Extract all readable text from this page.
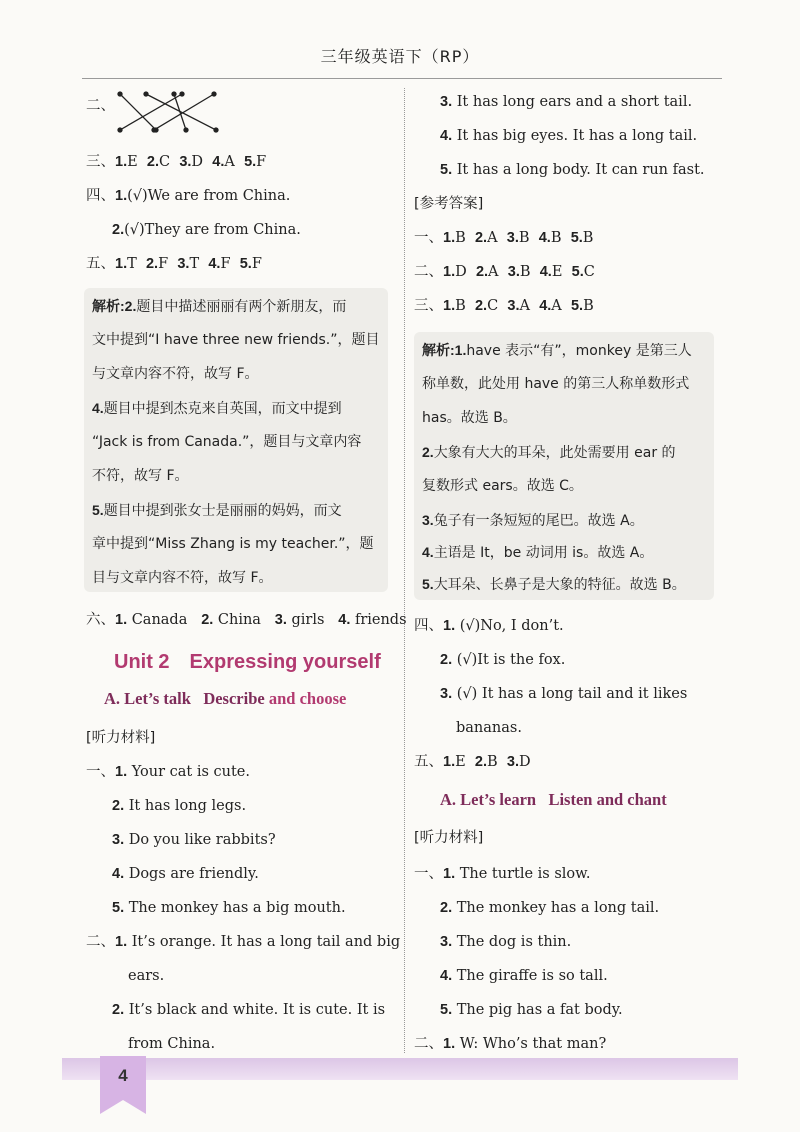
三年级英语下（RP）
二、
三、1.E 2.C 3.D 4.A 5.F
四、1.(√)We are from China.
2.(√)They are from China.
五、1.T 2.F 3.T 4.F 5.F
解析:2.题目中描述丽丽有两个新朋友，而
文中提到“I have three new friends.”，题目
与文章内容不符，故写 F。
4.题目中提到杰克来自英国，而文中提到
“Jack is from Canada.”，题目与文章内容
不符，故写 F。
5.题目中提到张女士是丽丽的妈妈，而文
章中提到“Miss Zhang is my teacher.”，题
目与文章内容不符，故写 F。
六、1. Canada 2. China 3. girls 4. friends
Unit 2　Expressing yourself
A. Let’s talk Describe and choose
[听力材料]
一、1. Your cat is cute.
2. It has long legs.
3. Do you like rabbits?
4. Dogs are friendly.
5. The monkey has a big mouth.
二、1. It’s orange. It has a long tail and big
ears.
2. It’s black and white. It is cute. It is
from China.
3. It has long ears and a short tail.
4. It has big eyes. It has a long tail.
5. It has a long body. It can run fast.
[参考答案]
一、1.B 2.A 3.B 4.B 5.B
二、1.D 2.A 3.B 4.E 5.C
三、1.B 2.C 3.A 4.A 5.B
解析:1.have 表示“有”，monkey 是第三人
称单数，此处用 have 的第三人称单数形式
has。故选 B。
2.大象有大大的耳朵，此处需要用 ear 的
复数形式 ears。故选 C。
3.兔子有一条短短的尾巴。故选 A。
4.主语是 It，be 动词用 is。故选 A。
5.大耳朵、长鼻子是大象的特征。故选 B。
四、1. (√)No, I don’t.
2. (√)It is the fox.
3. (√) It has a long tail and it likes
bananas.
五、1.E 2.B 3.D
A. Let’s learn Listen and chant
[听力材料]
一、1. The turtle is slow.
2. The monkey has a long tail.
3. The dog is thin.
4. The giraffe is so tall.
5. The pig has a fat body.
二、1. W: Who’s that man?
4
